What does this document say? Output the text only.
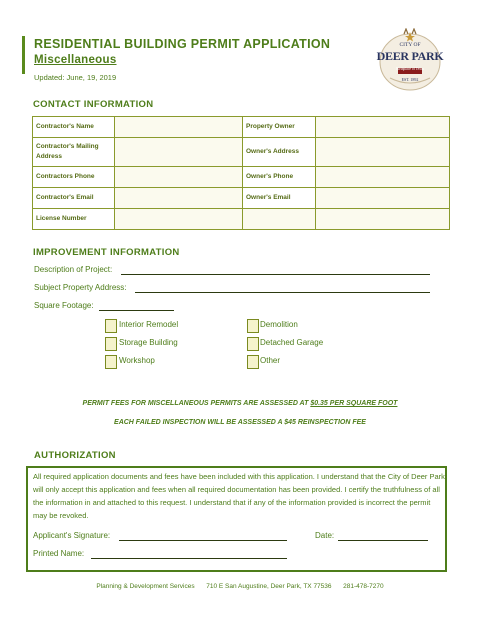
RESIDENTIAL BUILDING PERMIT APPLICATION
Miscellaneous
Updated: June, 19, 2019
CITY OF
DEER PARK
Birthplace of Texas
EST. 1892
CONTACT INFORMATION
Contractor's Name		Property Owner	
Contractor's Mailing Address		Owner's Address	
Contractors Phone		Owner's Phone	
Contractor's Email		Owner's Email	
License Number			
IMPROVEMENT INFORMATION
Description of Project:
Subject Property Address:
Square Footage:
Interior Remodel	Demolition
Storage Building	Detached Garage
Workshop	Other
PERMIT FEES FOR MISCELLANEOUS PERMITS ARE ASSESSED AT $0.35 PER SQUARE FOOT
EACH FAILED INSPECTION WILL BE ASSESSED A $45 REINSPECTION FEE
AUTHORIZATION
All required application documents and fees have been included with this application. I understand that the City of Deer Park will only accept this application and fees when all required documentation has been provided. I certify the truthfulness of all the information in and attached to this request. I understand that if any of the information provided is incorrect the permit may be revoked.
Applicant's Signature:	Date:
Printed Name:
Planning & Development Services 710 E San Augustine, Deer Park, TX 77536 281-478-7270
